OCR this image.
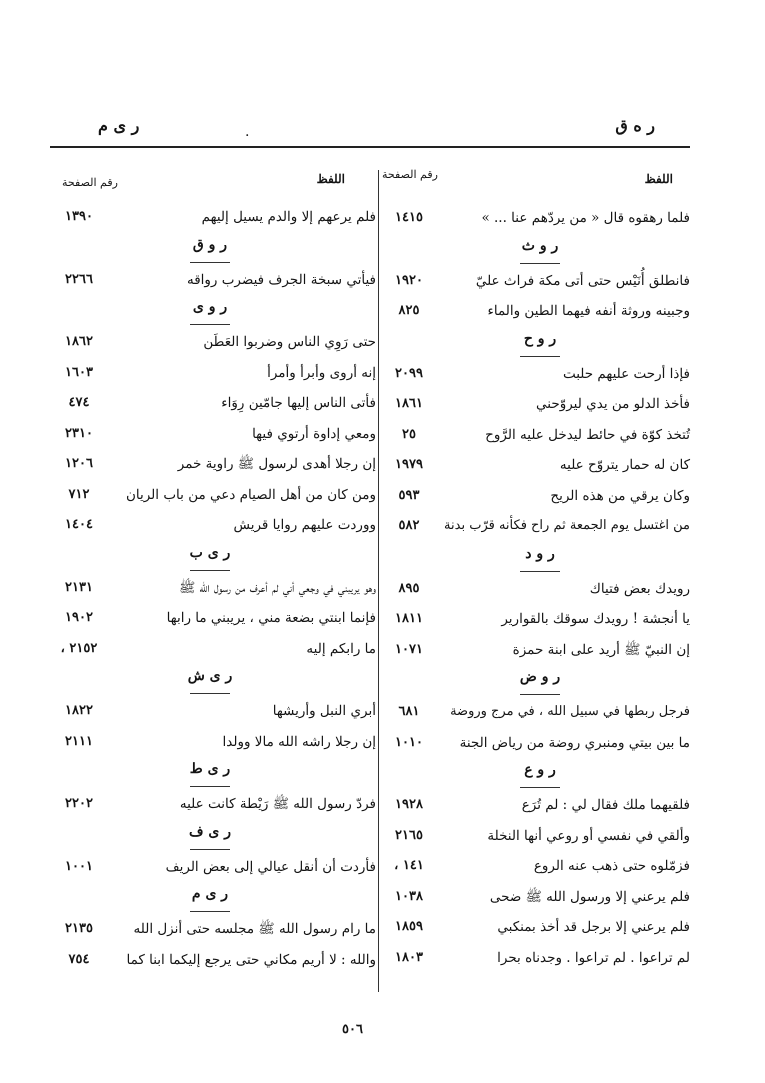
ر ه ق
ر ى م	.
اللفظ
رقم الصفحة
اللفظ
رقم الصفحة
فلما رهقوه قال « من يردّهم عنا ... »
١٤١٥
ر و ث
فانطلق أُنَيْس حتى أتى مكة فراث عليّ
١٩٢٠
وجبينه وروثة أنفه فيهما الطين والماء
٨٢٥
ر و ح
فإذا أرحت عليهم حلبت
٢٠٩٩
فأخذ الدلو من يدي ليروّحني
١٨٦١
تُتخذ كوّة في حائط ليدخل عليه الرَّوح
٢٥
كان له حمار يتروّح عليه
١٩٧٩
وكان يرقي من هذه الريح
٥٩٣
من اغتسل يوم الجمعة ثم راح فكأنه قرّب بدنة
٥٨٢
ر و د
رويدك بعض فتياك
٨٩٥
يا أنجشة ! رويدك سوقك بالقوارير
١٨١١
إن النبيّ ﷺ أريد على ابنة حمزة
١٠٧١
ر و ض
فرجل ربطها في سبيل الله ، في مرج وروضة
٦٨١
ما بين بيتي ومنبري روضة من رياض الجنة
١٠١٠
ر و ع
فلقيهما ملك فقال لي : لم تُرَع
١٩٢٨
وألقي في نفسي أو روعي أنها النخلة
٢١٦٥
فزمّلوه حتى ذهب عنه الروع
١٤١ ،
فلم يرعني إلا ورسول الله ﷺ ضحى
١٠٣٨
فلم يرعني إلا برجل قد أخذ بمنكبي
١٨٥٩
لم تراعوا . لم تراعوا . وجدناه بحرا
١٨٠٣
فلم يرعهم إلا والدم يسيل إليهم
١٣٩٠
ر و ق
فيأتي سبخة الجرف فيضرب رواقه
٢٢٦٦
ر و ى
حتى رَوِي الناس وضربوا العَطَن
١٨٦٢
إنه أروى وأبرأ وأمرأ
١٦٠٣
فأتى الناس إليها جامّين رِوَاء
٤٧٤
ومعي إداوة أرتوي فيها
٢٣١٠
إن رجلا أهدى لرسول ﷺ راوية خمر
١٢٠٦
ومن كان من أهل الصيام دعي من باب الريان
٧١٢
ووردت عليهم روايا قريش
١٤٠٤
ر ى ب
وهو يريبني في وجعي أني لم أعرف من رسول الله ﷺ
٢١٣١
فإنما ابنتي بضعة مني ، يريبني ما رابها
١٩٠٢
ما رابكم إليه
٢١٥٢ ،
ر ى ش
أبري النبل وأريشها
١٨٢٢
إن رجلا راشه الله مالا وولدا
٢١١١
ر ى ط
فردّ رسول الله ﷺ رَيْطة كانت عليه
٢٢٠٢
ر ى ف
فأردت أن أنقل عيالي إلى بعض الريف
١٠٠١
ر ى م
ما رام رسول الله ﷺ مجلسه حتى أنزل الله
٢١٣٥
والله : لا أريم مكاني حتى يرجع إليكما ابنا كما
٧٥٤
٥٠٦
